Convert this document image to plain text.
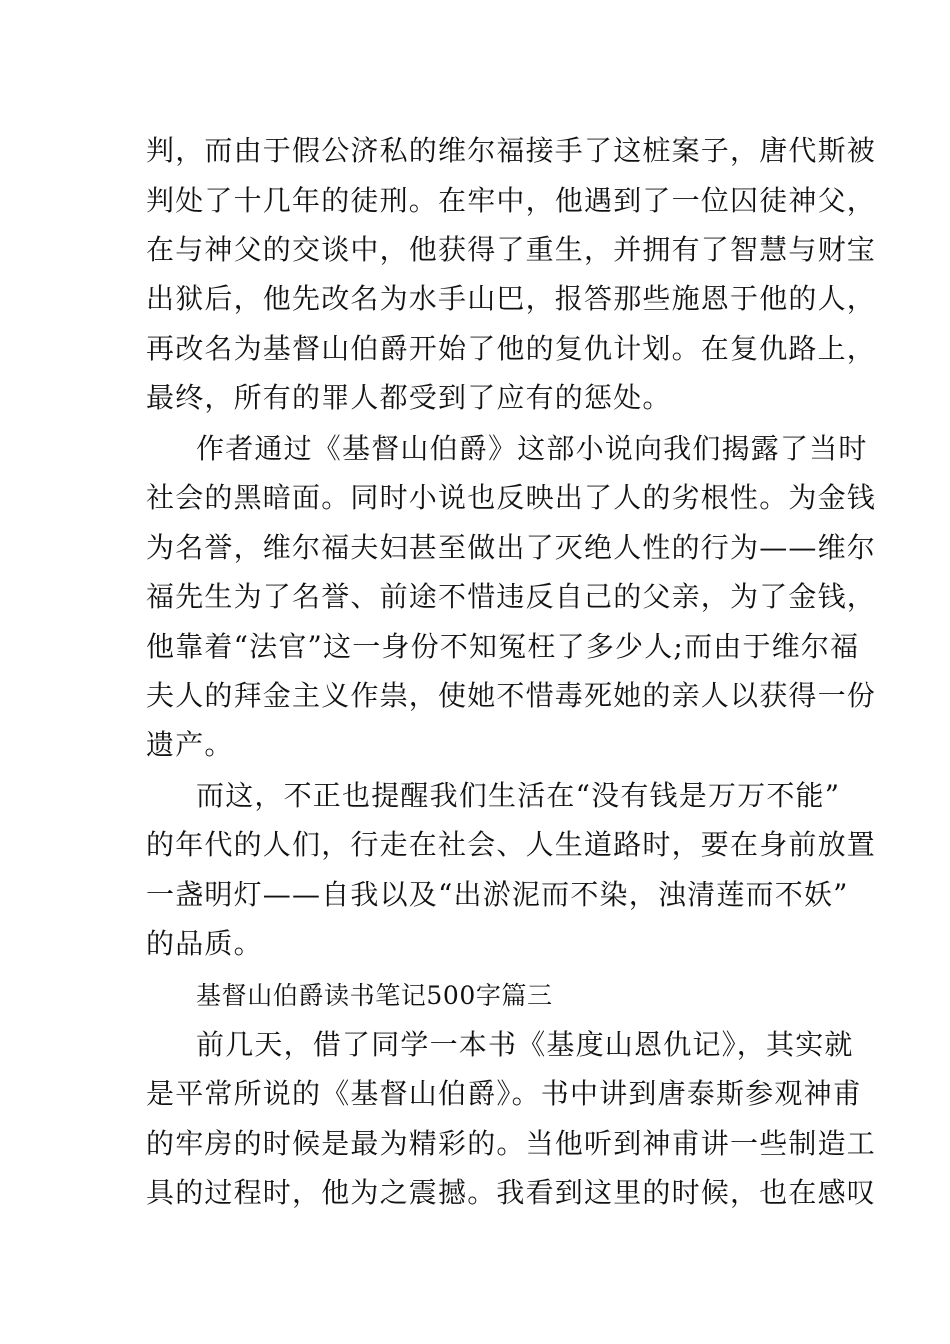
判，而由于假公济私的维尔福接手了这桩案子，唐代斯被
判处了十几年的徒刑。在牢中，他遇到了一位囚徒神父，
在与神父的交谈中，他获得了重生，并拥有了智慧与财宝
出狱后，他先改名为水手山巴，报答那些施恩于他的人，
再改名为基督山伯爵开始了他的复仇计划。在复仇路上，
最终，所有的罪人都受到了应有的惩处。
作者通过《基督山伯爵》这部小说向我们揭露了当时
社会的黑暗面。同时小说也反映出了人的劣根性。为金钱
为名誉，维尔福夫妇甚至做出了灭绝人性的行为——维尔
福先生为了名誉、前途不惜违反自己的父亲，为了金钱，
他靠着“法官”这一身份不知冤枉了多少人;而由于维尔福
夫人的拜金主义作祟，使她不惜毒死她的亲人以获得一份
遗产。
而这，不正也提醒我们生活在“没有钱是万万不能”
的年代的人们，行走在社会、人生道路时，要在身前放置
一盏明灯——自我以及“出淤泥而不染，浊清莲而不妖”
的品质。
基督山伯爵读书笔记500字篇三
前几天，借了同学一本书《基度山恩仇记》，其实就
是平常所说的《基督山伯爵》。书中讲到唐泰斯参观神甫
的牢房的时候是最为精彩的。当他听到神甫讲一些制造工
具的过程时，他为之震撼。我看到这里的时候，也在感叹
